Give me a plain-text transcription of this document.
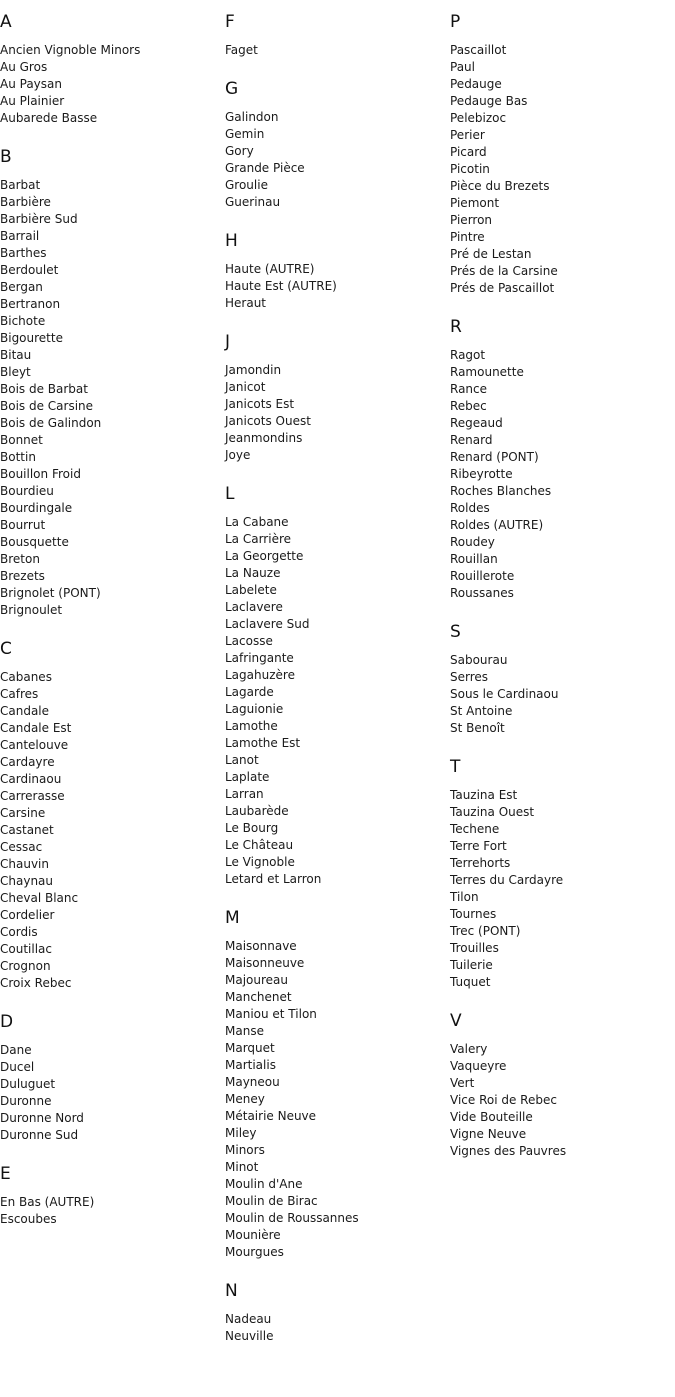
A
Ancien Vignoble Minors
Au Gros
Au Paysan
Au Plainier
Aubarede Basse
B
Barbat
Barbière
Barbière Sud
Barrail
Barthes
Berdoulet
Bergan
Bertranon
Bichote
Bigourette
Bitau
Bleyt
Bois de Barbat
Bois de Carsine
Bois de Galindon
Bonnet
Bottin
Bouillon Froid
Bourdieu
Bourdingale
Bourrut
Bousquette
Breton
Brezets
Brignolet (PONT)
Brignoulet
C
Cabanes
Cafres
Candale
Candale Est
Cantelouve
Cardayre
Cardinaou
Carrerasse
Carsine
Castanet
Cessac
Chauvin
Chaynau
Cheval Blanc
Cordelier
Cordis
Coutillac
Crognon
Croix Rebec
D
Dane
Ducel
Duluguet
Duronne
Duronne Nord
Duronne Sud
E
En Bas (AUTRE)
Escoubes
F
Faget
G
Galindon
Gemin
Gory
Grande Pièce
Groulie
Guerinau
H
Haute (AUTRE)
Haute Est (AUTRE)
Heraut
J
Jamondin
Janicot
Janicots Est
Janicots Ouest
Jeanmondins
Joye
L
La Cabane
La Carrière
La Georgette
La Nauze
Labelete
Laclavere
Laclavere Sud
Lacosse
Lafringante
Lagahuzère
Lagarde
Laguionie
Lamothe
Lamothe Est
Lanot
Laplate
Larran
Laubarède
Le Bourg
Le Château
Le Vignoble
Letard et Larron
M
Maisonnave
Maisonneuve
Majoureau
Manchenet
Maniou et Tilon
Manse
Marquet
Martialis
Mayneou
Meney
Métairie Neuve
Miley
Minors
Minot
Moulin d'Ane
Moulin de Birac
Moulin de Roussannes
Mounière
Mourgues
N
Nadeau
Neuville
P
Pascaillot
Paul
Pedauge
Pedauge Bas
Pelebizoc
Perier
Picard
Picotin
Pièce du Brezets
Piemont
Pierron
Pintre
Pré de Lestan
Prés de la Carsine
Prés de Pascaillot
R
Ragot
Ramounette
Rance
Rebec
Regeaud
Renard
Renard (PONT)
Ribeyrotte
Roches Blanches
Roldes
Roldes (AUTRE)
Roudey
Rouillan
Rouillerote
Roussanes
S
Sabourau
Serres
Sous le Cardinaou
St Antoine
St Benoît
T
Tauzina Est
Tauzina Ouest
Techene
Terre Fort
Terrehorts
Terres du Cardayre
Tilon
Tournes
Trec (PONT)
Trouilles
Tuilerie
Tuquet
V
Valery
Vaqueyre
Vert
Vice Roi de Rebec
Vide Bouteille
Vigne Neuve
Vignes des Pauvres
